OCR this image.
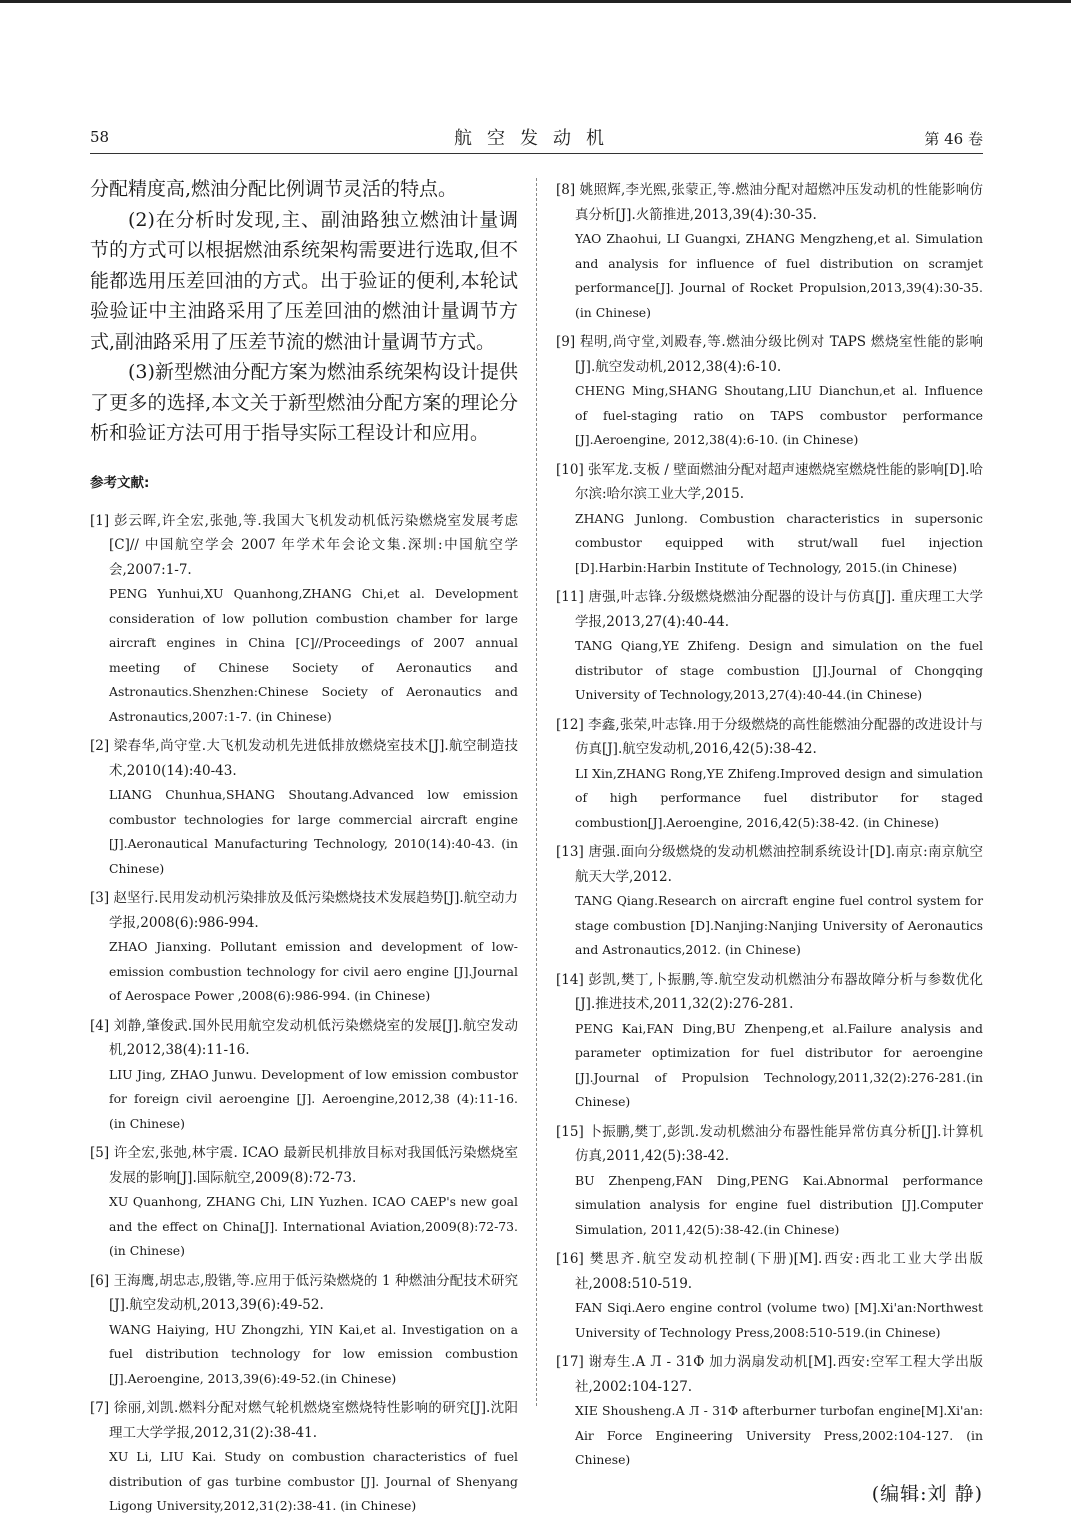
58	航空发动机	第 46 卷

分配精度高,燃油分配比例调节灵活的特点。

(2)在分析时发现,主、副油路独立燃油计量调节的方式可以根据燃油系统架构需要进行选取,但不能都选用压差回油的方式。出于验证的便利,本轮试验验证中主油路采用了压差回油的燃油计量调节方式,副油路采用了压差节流的燃油计量调节方式。

(3)新型燃油分配方案为燃油系统架构设计提供了更多的选择,本文关于新型燃油分配方案的理论分析和验证方法可用于指导实际工程设计和应用。

参考文献:

[1] 彭云晖,许全宏,张弛,等.我国大飞机发动机低污染燃烧室发展考虑[C]// 中国航空学会 2007 年学术年会论文集.深圳:中国航空学会,2007:1-7.

PENG Yunhui,XU Quanhong,ZHANG Chi,et al. Development consideration of low pollution combustion chamber for large aircraft engines in China [C]//Proceedings of 2007 annual meeting of Chinese Society of Aeronautics and Astronautics.Shenzhen:Chinese Society of Aeronautics and Astronautics,2007:1-7. (in Chinese)

[2] 梁春华,尚守堂.大飞机发动机先进低排放燃烧室技术[J].航空制造技术,2010(14):40-43.

LIANG Chunhua,SHANG Shoutang.Advanced low emission combustor technologies for large commercial aircraft engine [J].Aeronautical Manufacturing Technology, 2010(14):40-43. (in Chinese)

[3] 赵坚行.民用发动机污染排放及低污染燃烧技术发展趋势[J].航空动力学报,2008(6):986-994.

ZHAO Jianxing. Pollutant emission and development of low-emission combustion technology for civil aero engine [J].Journal of Aerospace Power ,2008(6):986-994. (in Chinese)

[4] 刘静,肇俊武.国外民用航空发动机低污染燃烧室的发展[J].航空发动机,2012,38(4):11-16.

LIU Jing, ZHAO Junwu. Development of low emission combustor for foreign civil aeroengine [J]. Aeroengine,2012,38 (4):11-16. (in Chinese)

[5] 许全宏,张弛,林宇震. ICAO 最新民机排放目标对我国低污染燃烧室发展的影响[J].国际航空,2009(8):72-73.

XU Quanhong, ZHANG Chi, LIN Yuzhen. ICAO CAEP's new goal and the effect on China[J]. International Aviation,2009(8):72-73. (in Chinese)

[6] 王海鹰,胡忠志,殷锴,等.应用于低污染燃烧的 1 种燃油分配技术研究[J].航空发动机,2013,39(6):49-52.

WANG Haiying, HU Zhongzhi, YIN Kai,et al. Investigation on a fuel distribution technology for low emission combustion [J].Aeroengine, 2013,39(6):49-52.(in Chinese)

[7] 徐丽,刘凯.燃料分配对燃气轮机燃烧室燃烧特性影响的研究[J].沈阳理工大学学报,2012,31(2):38-41.

XU Li, LIU Kai. Study on combustion characteristics of fuel distribution of gas turbine combustor [J]. Journal of Shenyang Ligong University,2012,31(2):38-41. (in Chinese)

[8] 姚照辉,李光熙,张蒙正,等.燃油分配对超燃冲压发动机的性能影响仿真分析[J].火箭推进,2013,39(4):30-35.

YAO Zhaohui, LI Guangxi, ZHANG Mengzheng,et al. Simulation and analysis for influence of fuel distribution on scramjet performance[J]. Journal of Rocket Propulsion,2013,39(4):30-35.(in Chinese)

[9] 程明,尚守堂,刘殿春,等.燃油分级比例对 TAPS 燃烧室性能的影响[J].航空发动机,2012,38(4):6-10.

CHENG Ming,SHANG Shoutang,LIU Dianchun,et al. Influence of fuel-staging ratio on TAPS combustor performance [J].Aeroengine, 2012,38(4):6-10. (in Chinese)

[10] 张军龙.支板 / 壁面燃油分配对超声速燃烧室燃烧性能的影响[D].哈尔滨:哈尔滨工业大学,2015.

ZHANG Junlong. Combustion characteristics in supersonic combustor equipped with strut/wall fuel injection [D].Harbin:Harbin Institute of Technology, 2015.(in Chinese)

[11] 唐强,叶志锋.分级燃烧燃油分配器的设计与仿真[J]. 重庆理工大学学报,2013,27(4):40-44.

TANG Qiang,YE Zhifeng. Design and simulation on the fuel distributor of stage combustion [J].Journal of Chongqing University of Technology,2013,27(4):40-44.(in Chinese)

[12] 李鑫,张荣,叶志锋.用于分级燃烧的高性能燃油分配器的改进设计与仿真[J].航空发动机,2016,42(5):38-42.

LI Xin,ZHANG Rong,YE Zhifeng.Improved design and simulation of high performance fuel distributor for staged combustion[J].Aeroengine, 2016,42(5):38-42. (in Chinese)

[13] 唐强.面向分级燃烧的发动机燃油控制系统设计[D].南京:南京航空航天大学,2012.

TANG Qiang.Research on aircraft engine fuel control system for stage combustion [D].Nanjing:Nanjing University of Aeronautics and Astronautics,2012. (in Chinese)

[14] 彭凯,樊丁,卜振鹏,等.航空发动机燃油分布器故障分析与参数优化[J].推进技术,2011,32(2):276-281.

PENG Kai,FAN Ding,BU Zhenpeng,et al.Failure analysis and parameter optimization for fuel distributor for aeroengine [J].Journal of Propulsion Technology,2011,32(2):276-281.(in Chinese)

[15] 卜振鹏,樊丁,彭凯.发动机燃油分布器性能异常仿真分析[J].计算机仿真,2011,42(5):38-42.

BU Zhenpeng,FAN Ding,PENG Kai.Abnormal performance simulation analysis for engine fuel distribution [J].Computer Simulation, 2011,42(5):38-42.(in Chinese)

[16] 樊思齐.航空发动机控制(下册)[M].西安:西北工业大学出版社,2008:510-519.

FAN Siqi.Aero engine control (volume two) [M].Xi'an:Northwest University of Technology Press,2008:510-519.(in Chinese)

[17] 谢寿生.А Л - 31Ф 加力涡扇发动机[M].西安:空军工程大学出版社,2002:104-127.

XIE Shousheng.А Л - 31Ф afterburner turbofan engine[M].Xi'an: Air Force Engineering University Press,2002:104-127. (in Chinese)

(编辑:刘 静)
